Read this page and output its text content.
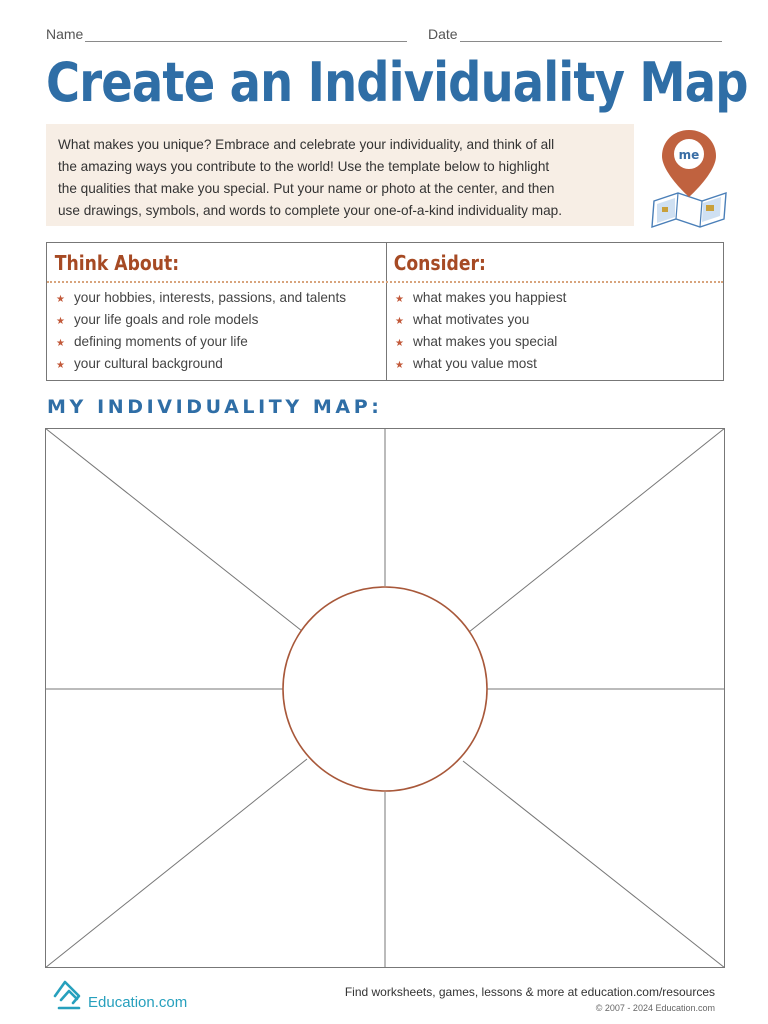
Name	Date
Create an Individuality Map
What makes you unique? Embrace and celebrate your individuality, and think of all
the amazing ways you contribute to the world! Use the template below to highlight
the qualities that make you special. Put your name or photo at the center, and then
use drawings, symbols, and words to complete your one-of-a-kind individuality map.
me
Think About:
★ your hobbies, interests, passions, and talents
★ your life goals and role models
★ defining moments of your life
★ your cultural background
Consider:
★ what makes you happiest
★ what motivates you
★ what makes you special
★ what you value most
MY INDIVIDUALITY MAP:
Education.com
Find worksheets, games, lessons & more at education.com/resources
© 2007 - 2024 Education.com
